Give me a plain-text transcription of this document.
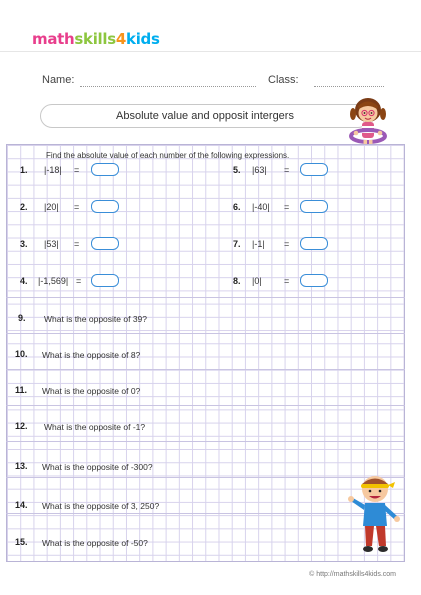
mathskills4kids
Name:	Class:
Absolute value and opposit intergers
Find the absolute value of each number of the following expressions.
1. |-18| =
2. |20| =
3. |53| =
4. |-1,569| =
5. |63| =
6. |-40| =
7. |-1| =
8. |0| =
9. What is the opposite of 39?
10. What is the opposite of 8?
11. What is the opposite of 0?
12. What is the opposite of -1?
13. What is the opposite of -300?
14. What is the opposite of 3, 250?
15. What is the opposite of -50?
© http://mathskills4kids.com
